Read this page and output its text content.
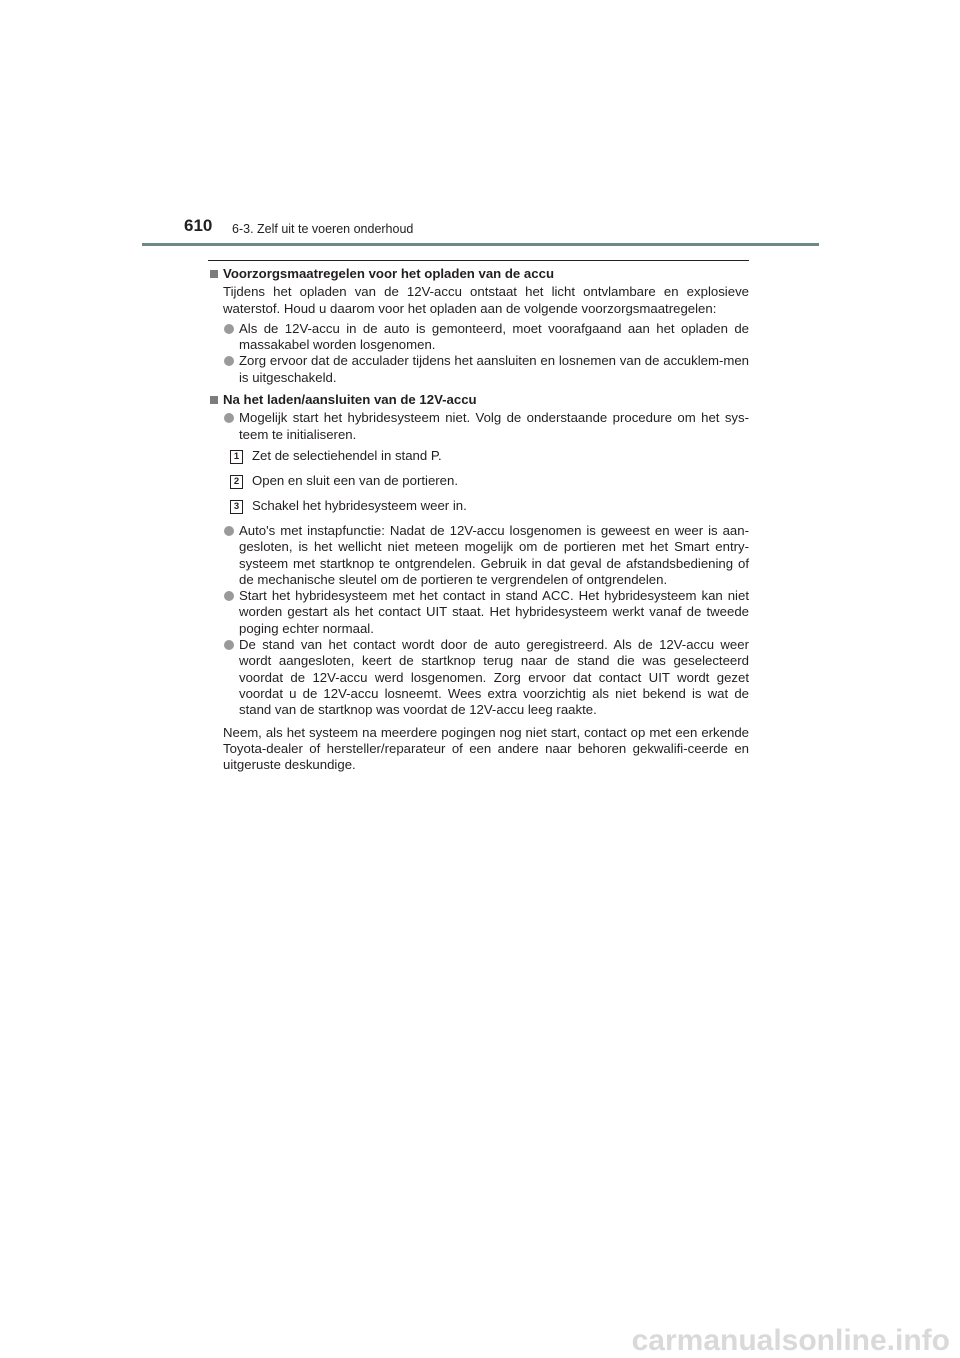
610 6-3. Zelf uit te voeren onderhoud

Voorzorgsmaatregelen voor het opladen van de accu

Tijdens het opladen van de 12V-accu ontstaat het licht ontvlambare en explosieve waterstof. Houd u daarom voor het opladen aan de volgende voorzorgsmaatregelen:

Als de 12V-accu in de auto is gemonteerd, moet voorafgaand aan het opladen de massakabel worden losgenomen.

Zorg ervoor dat de acculader tijdens het aansluiten en losnemen van de accuklem-men is uitgeschakeld.

Na het laden/aansluiten van de 12V-accu

Mogelijk start het hybridesysteem niet. Volg de onderstaande procedure om het sys-teem te initialiseren.

1 Zet de selectiehendel in stand P.
2 Open en sluit een van de portieren.
3 Schakel het hybridesysteem weer in.

Auto's met instapfunctie: Nadat de 12V-accu losgenomen is geweest en weer is aan-gesloten, is het wellicht niet meteen mogelijk om de portieren met het Smart entry-systeem met startknop te ontgrendelen. Gebruik in dat geval de afstandsbediening of de mechanische sleutel om de portieren te vergrendelen of ontgrendelen.

Start het hybridesysteem met het contact in stand ACC. Het hybridesysteem kan niet worden gestart als het contact UIT staat. Het hybridesysteem werkt vanaf de tweede poging echter normaal.

De stand van het contact wordt door de auto geregistreerd. Als de 12V-accu weer wordt aangesloten, keert de startknop terug naar de stand die was geselecteerd voordat de 12V-accu werd losgenomen. Zorg ervoor dat contact UIT wordt gezet voordat u de 12V-accu losneemt. Wees extra voorzichtig als niet bekend is wat de stand van de startknop was voordat de 12V-accu leeg raakte.

Neem, als het systeem na meerdere pogingen nog niet start, contact op met een erkende Toyota-dealer of hersteller/reparateur of een andere naar behoren gekwalifi-ceerde en uitgeruste deskundige.

carmanualsonline.info
